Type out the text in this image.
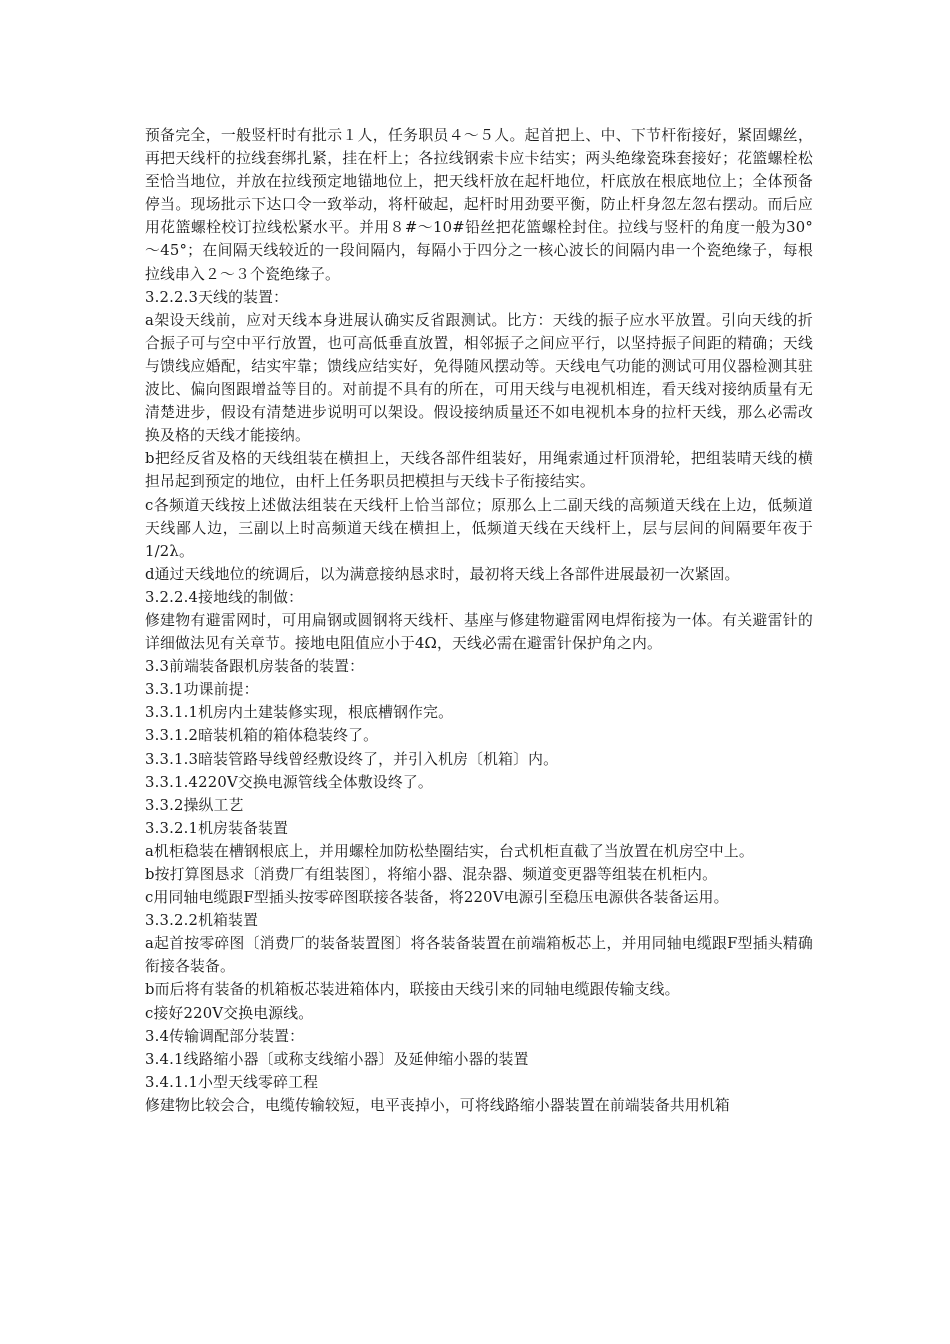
预备完全，一般竖杆时有批示１人，任务职员４～５人。起首把上、中、下节杆衔接好，紧固螺丝，再把天线杆的拉线套绑扎紧，挂在杆上；各拉线钢索卡应卡结实；两头绝缘瓷珠套接好；花篮螺栓松至恰当地位，并放在拉线预定地锚地位上，把天线杆放在起杆地位，杆底放在根底地位上；全体预备停当。现场批示下达口令一致举动，将杆破起，起杆时用劲要平衡，防止杆身忽左忽右摆动。而后应用花篮螺栓校订拉线松紧水平。并用８#～10#铅丝把花篮螺栓封住。拉线与竖杆的角度一般为30°～45°；在间隔天线较近的一段间隔内，每隔小于四分之一核心波长的间隔内串一个瓷绝缘子，每根拉线串入２～３个瓷绝缘子。

3.2.2.3天线的装置：

a架设天线前，应对天线本身进展认确实反省跟测试。比方：天线的振子应水平放置。引向天线的折合振子可与空中平行放置，也可高低垂直放置，相邻振子之间应平行，以坚持振子间距的精确；天线与馈线应婚配，结实牢靠；馈线应结实好，免得随风摆动等。天线电气功能的测试可用仪器检测其驻波比、偏向图跟增益等目的。对前提不具有的所在，可用天线与电视机相连，看天线对接纳质量有无清楚进步，假设有清楚进步说明可以架设。假设接纳质量还不如电视机本身的拉杆天线，那么必需改换及格的天线才能接纳。

b把经反省及格的天线组装在横担上，天线各部件组装好，用绳索通过杆顶滑轮，把组装晴天线的横担吊起到预定的地位，由杆上任务职员把模担与天线卡子衔接结实。

c各频道天线按上述做法组装在天线杆上恰当部位；原那么上二副天线的高频道天线在上边，低频道天线鄙人边，三副以上时高频道天线在横担上，低频道天线在天线杆上，层与层间的间隔要年夜于1/2λ。

d通过天线地位的统调后，以为满意接纳恳求时，最初将天线上各部件进展最初一次紧固。

3.2.2.4接地线的制做：

修建物有避雷网时，可用扁钢或圆钢将天线杆、基座与修建物避雷网电焊衔接为一体。有关避雷针的详细做法见有关章节。接地电阻值应小于4Ω，天线必需在避雷针保护角之内。

3.3前端装备跟机房装备的装置：

3.3.1功课前提：

3.3.1.1机房内土建装修实现，根底槽钢作完。

3.3.1.2暗装机箱的箱体稳装终了。

3.3.1.3暗装管路导线曾经敷设终了，并引入机房〔机箱〕内。

3.3.1.4220V交换电源管线全体敷设终了。

3.3.2操纵工艺

3.3.2.1机房装备装置

a机柜稳装在槽钢根底上，并用螺栓加防松垫圈结实，台式机柜直截了当放置在机房空中上。

b按打算图恳求〔消费厂有组装图〕，将缩小器、混杂器、频道变更器等组装在机柜内。

c用同轴电缆跟F型插头按零碎图联接各装备，将220V电源引至稳压电源供各装备运用。

3.3.2.2机箱装置

a起首按零碎图〔消费厂的装备装置图〕将各装备装置在前端箱板芯上，并用同轴电缆跟F型插头精确衔接各装备。

b而后将有装备的机箱板芯装进箱体内，联接由天线引来的同轴电缆跟传输支线。

c接好220V交换电源线。

3.4传输调配部分装置：

3.4.1线路缩小器〔或称支线缩小器〕及延伸缩小器的装置

3.4.1.1小型天线零碎工程

修建物比较会合，电缆传输较短，电平丧掉小，可将线路缩小器装置在前端装备共用机箱
